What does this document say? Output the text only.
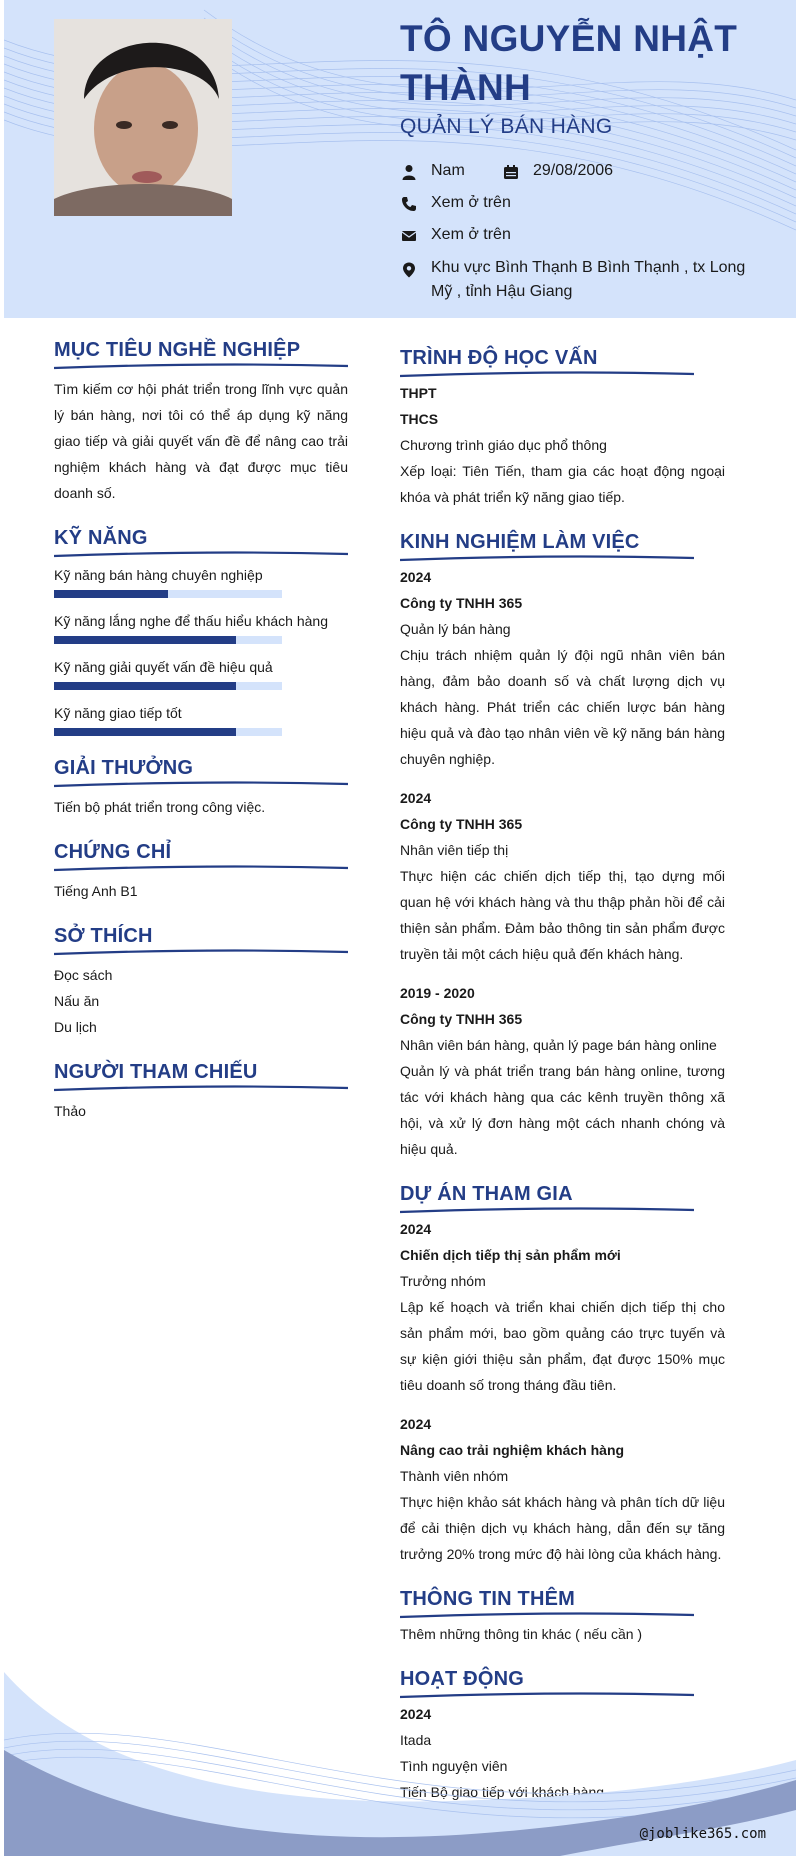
TÔ NGUYỄN NHẬT THÀNH
QUẢN LÝ BÁN HÀNG
Nam	29/08/2006
Xem ở trên
Xem ở trên
Khu vực Bình Thạnh B Bình Thạnh , tx Long Mỹ , tỉnh Hậu Giang
MỤC TIÊU NGHỀ NGHIỆP
Tìm kiếm cơ hội phát triển trong lĩnh vực quản lý bán hàng, nơi tôi có thể áp dụng kỹ năng giao tiếp và giải quyết vấn đề để nâng cao trải nghiệm khách hàng và đạt được mục tiêu doanh số.
KỸ NĂNG
Kỹ năng bán hàng chuyên nghiệp
Kỹ năng lắng nghe để thấu hiểu khách hàng
Kỹ năng giải quyết vấn đề hiệu quả
Kỹ năng giao tiếp tốt
GIẢI THƯỞNG
Tiến bộ phát triển trong công việc.
CHỨNG CHỈ
Tiếng Anh B1
SỞ THÍCH
Đọc sách
Nấu ăn
Du lịch
NGƯỜI THAM CHIẾU
Thảo
TRÌNH ĐỘ HỌC VẤN
THPT
THCS
Chương trình giáo dục phổ thông
Xếp loại: Tiên Tiến, tham gia các hoạt động ngoại khóa và phát triển kỹ năng giao tiếp.
KINH NGHIỆM LÀM VIỆC
2024
Công ty TNHH 365
Quản lý bán hàng
Chịu trách nhiệm quản lý đội ngũ nhân viên bán hàng, đảm bảo doanh số và chất lượng dịch vụ khách hàng. Phát triển các chiến lược bán hàng hiệu quả và đào tạo nhân viên về kỹ năng bán hàng chuyên nghiệp.
2024
Công ty TNHH 365
Nhân viên tiếp thị
Thực hiện các chiến dịch tiếp thị, tạo dựng mối quan hệ với khách hàng và thu thập phản hồi để cải thiện sản phẩm. Đảm bảo thông tin sản phẩm được truyền tải một cách hiệu quả đến khách hàng.
2019 - 2020
Công ty TNHH 365
Nhân viên bán hàng, quản lý page bán hàng online
Quản lý và phát triển trang bán hàng online, tương tác với khách hàng qua các kênh truyền thông xã hội, và xử lý đơn hàng một cách nhanh chóng và hiệu quả.
DỰ ÁN THAM GIA
2024
Chiến dịch tiếp thị sản phẩm mới
Trưởng nhóm
Lập kế hoạch và triển khai chiến dịch tiếp thị cho sản phẩm mới, bao gồm quảng cáo trực tuyến và sự kiện giới thiệu sản phẩm, đạt được 150% mục tiêu doanh số trong tháng đầu tiên.
2024
Nâng cao trải nghiệm khách hàng
Thành viên nhóm
Thực hiện khảo sát khách hàng và phân tích dữ liệu để cải thiện dịch vụ khách hàng, dẫn đến sự tăng trưởng 20% trong mức độ hài lòng của khách hàng.
THÔNG TIN THÊM
Thêm những thông tin khác ( nếu cần )
HOẠT ĐỘNG
2024
Itada
Tình nguyện viên
Tiến Bộ giao tiếp với khách hàng
@joblike365.com
